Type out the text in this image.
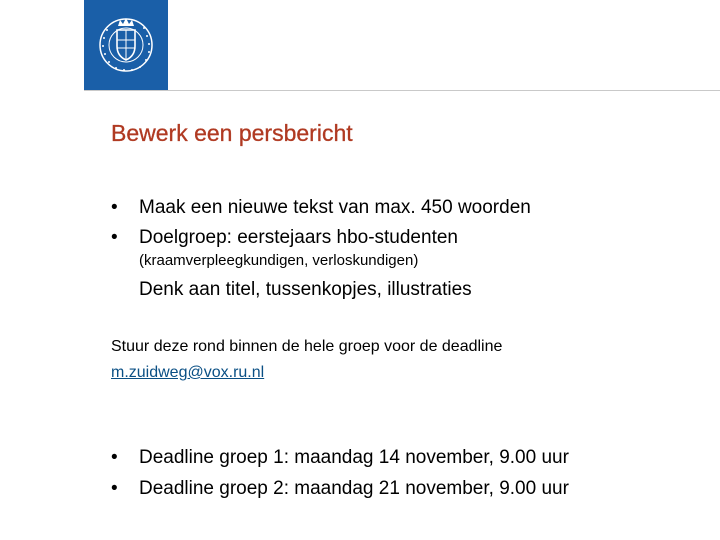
Bewerk een persbericht
• Maak een nieuwe tekst van max. 450 woorden
• Doelgroep: eerstejaars hbo-studenten
(kraamverpleegkundigen, verloskundigen)
Denk aan titel, tussenkopjes, illustraties
Stuur deze rond binnen de hele groep voor de deadline
m.zuidweg@vox.ru.nl
• Deadline groep 1: maandag 14 november, 9.00 uur
• Deadline groep 2: maandag 21 november, 9.00 uur
